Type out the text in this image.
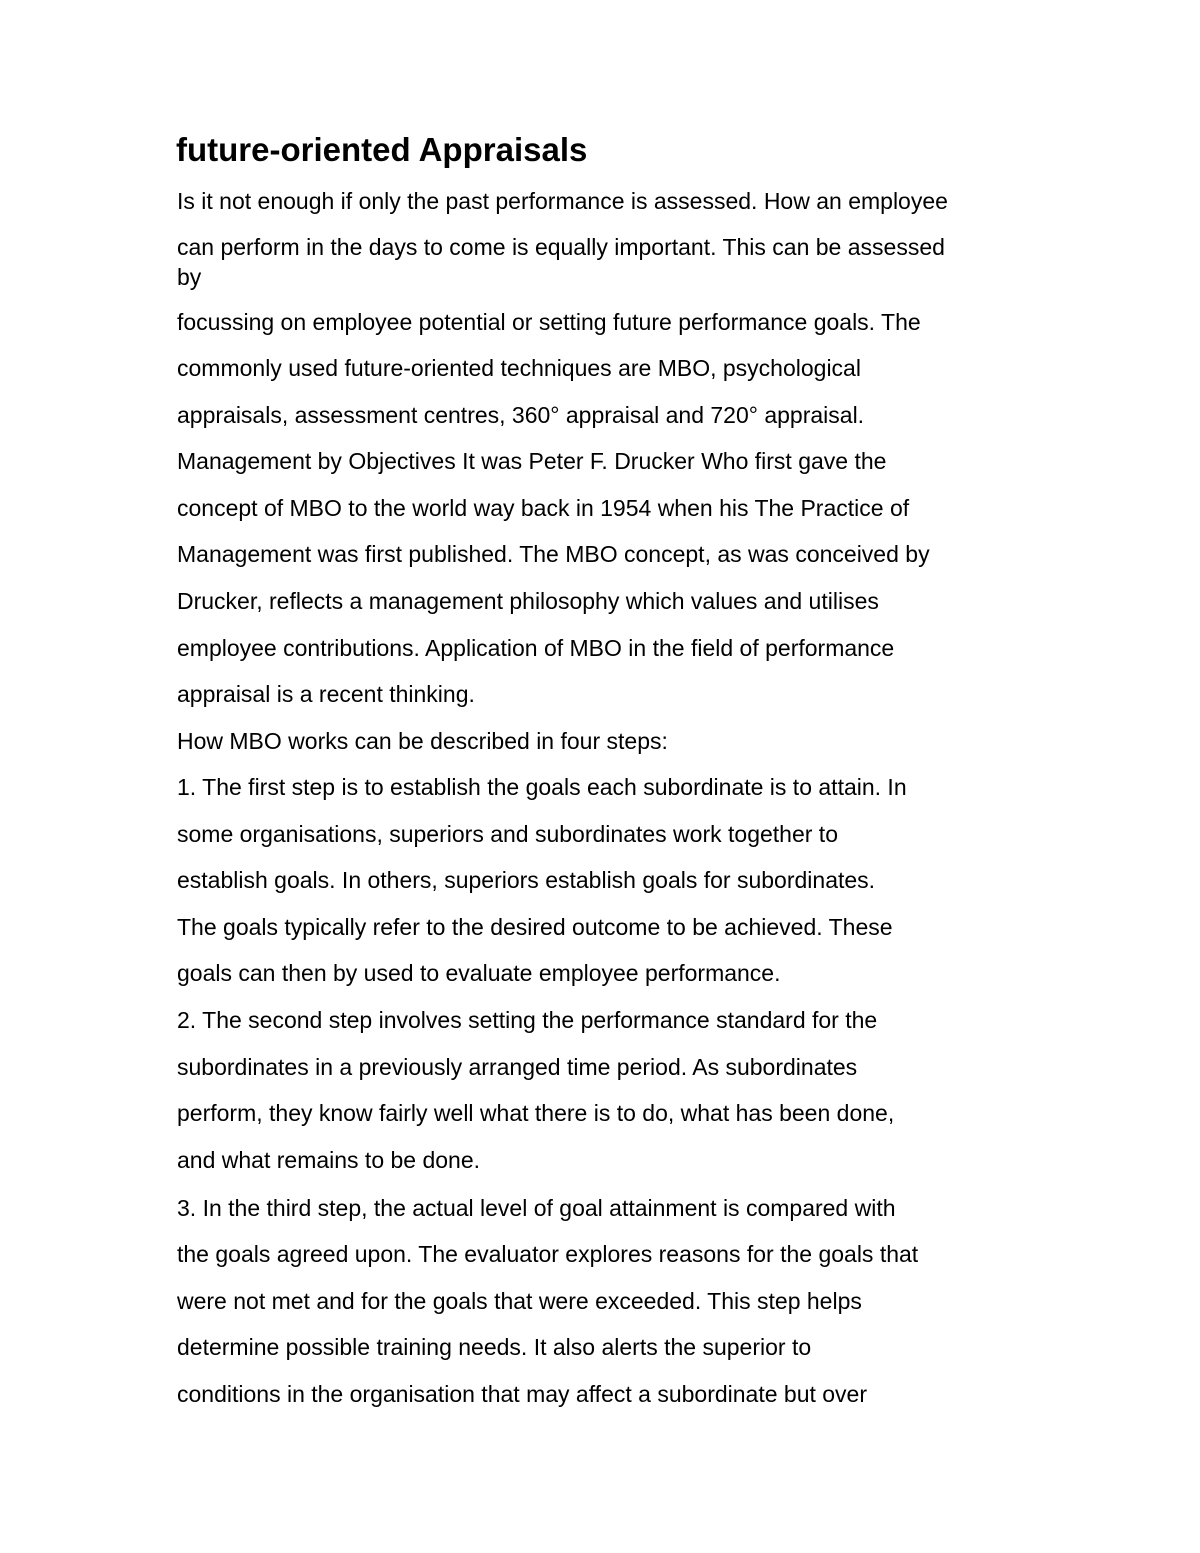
future-oriented Appraisals

Is it not enough if only the past performance is assessed. How an employee

can perform in the days to come is equally important. This can be assessed

by

focussing on employee potential or setting future performance goals. The

commonly used future-oriented techniques are MBO, psychological

appraisals, assessment centres, 360° appraisal and 720° appraisal.

Management by Objectives It was Peter F. Drucker Who first gave the

concept of MBO to the world way back in 1954 when his The Practice of

Management was first published. The MBO concept, as was conceived by

Drucker, reflects a management philosophy which values and utilises

employee contributions. Application of MBO in the field of performance

appraisal is a recent thinking.

How MBO works can be described in four steps:

1. The first step is to establish the goals each subordinate is to attain. In

some organisations, superiors and subordinates work together to

establish goals. In others, superiors establish goals for subordinates.

The goals typically refer to the desired outcome to be achieved. These

goals can then by used to evaluate employee performance.

2. The second step involves setting the performance standard for the

subordinates in a previously arranged time period. As subordinates

perform, they know fairly well what there is to do, what has been done,

and what remains to be done.

3. In the third step, the actual level of goal attainment is compared with

the goals agreed upon. The evaluator explores reasons for the goals that

were not met and for the goals that were exceeded. This step helps

determine possible training needs. It also alerts the superior to

conditions in the organisation that may affect a subordinate but over
